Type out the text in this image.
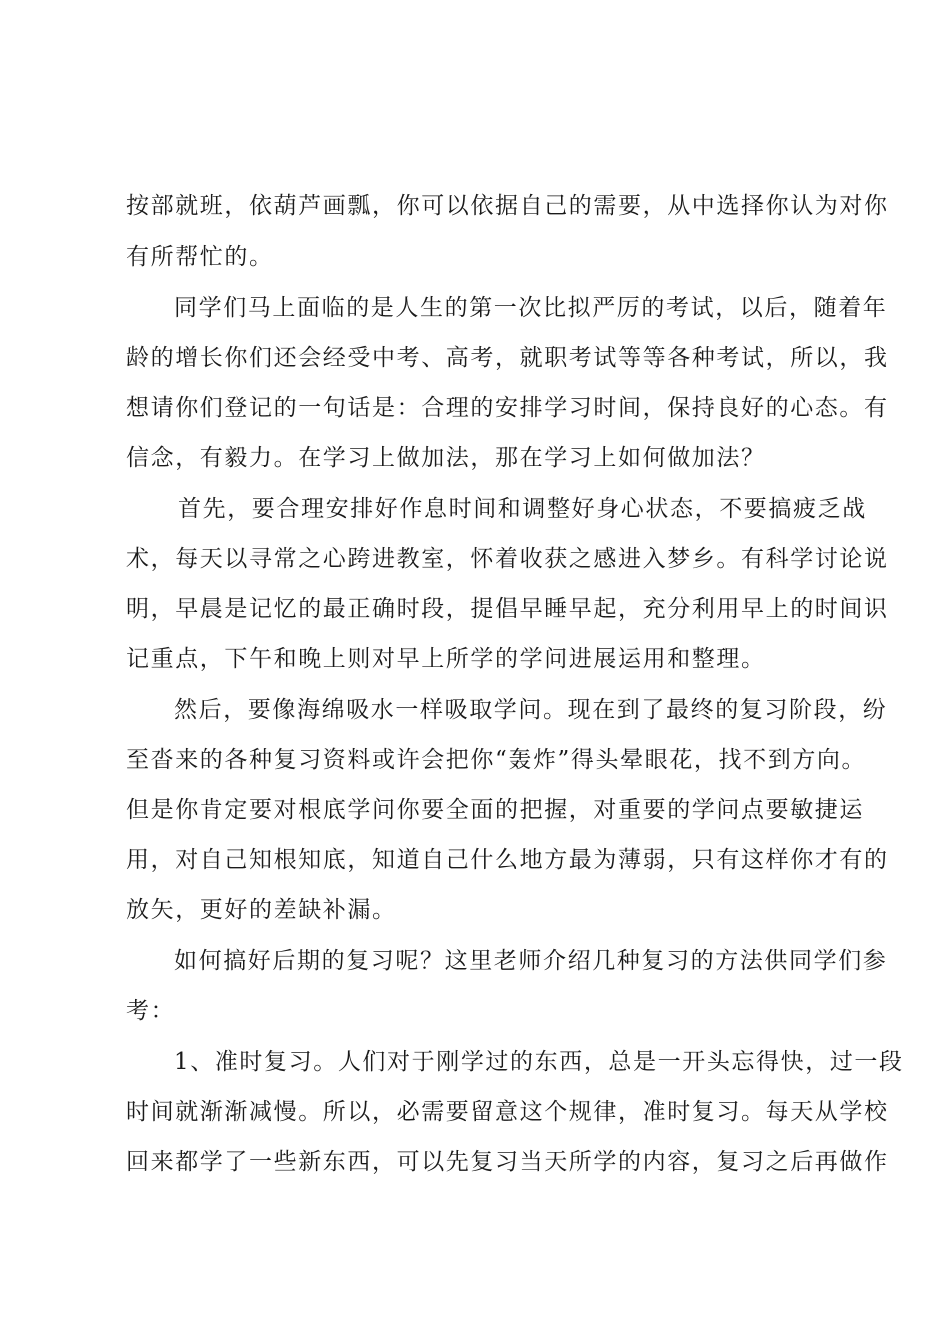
按部就班，依葫芦画瓢，你可以依据自己的需要，从中选择你认为对你
有所帮忙的。
同学们马上面临的是人生的第一次比拟严厉的考试，以后，随着年
龄的增长你们还会经受中考、高考，就职考试等等各种考试，所以，我
想请你们登记的一句话是：合理的安排学习时间，保持良好的心态。有
信念，有毅力。在学习上做加法，那在学习上如何做加法？
首先，要合理安排好作息时间和调整好身心状态，不要搞疲乏战
术，每天以寻常之心跨进教室，怀着收获之感进入梦乡。有科学讨论说
明，早晨是记忆的最正确时段，提倡早睡早起，充分利用早上的时间识
记重点，下午和晚上则对早上所学的学问进展运用和整理。
然后，要像海绵吸水一样吸取学问。现在到了最终的复习阶段，纷
至沓来的各种复习资料或许会把你“轰炸”得头晕眼花，找不到方向。
但是你肯定要对根底学问你要全面的把握，对重要的学问点要敏捷运
用，对自己知根知底，知道自己什么地方最为薄弱，只有这样你才有的
放矢，更好的差缺补漏。
如何搞好后期的复习呢？这里老师介绍几种复习的方法供同学们参
考：
1、准时复习。人们对于刚学过的东西，总是一开头忘得快，过一段
时间就渐渐减慢。所以，必需要留意这个规律，准时复习。每天从学校
回来都学了一些新东西，可以先复习当天所学的内容，复习之后再做作
